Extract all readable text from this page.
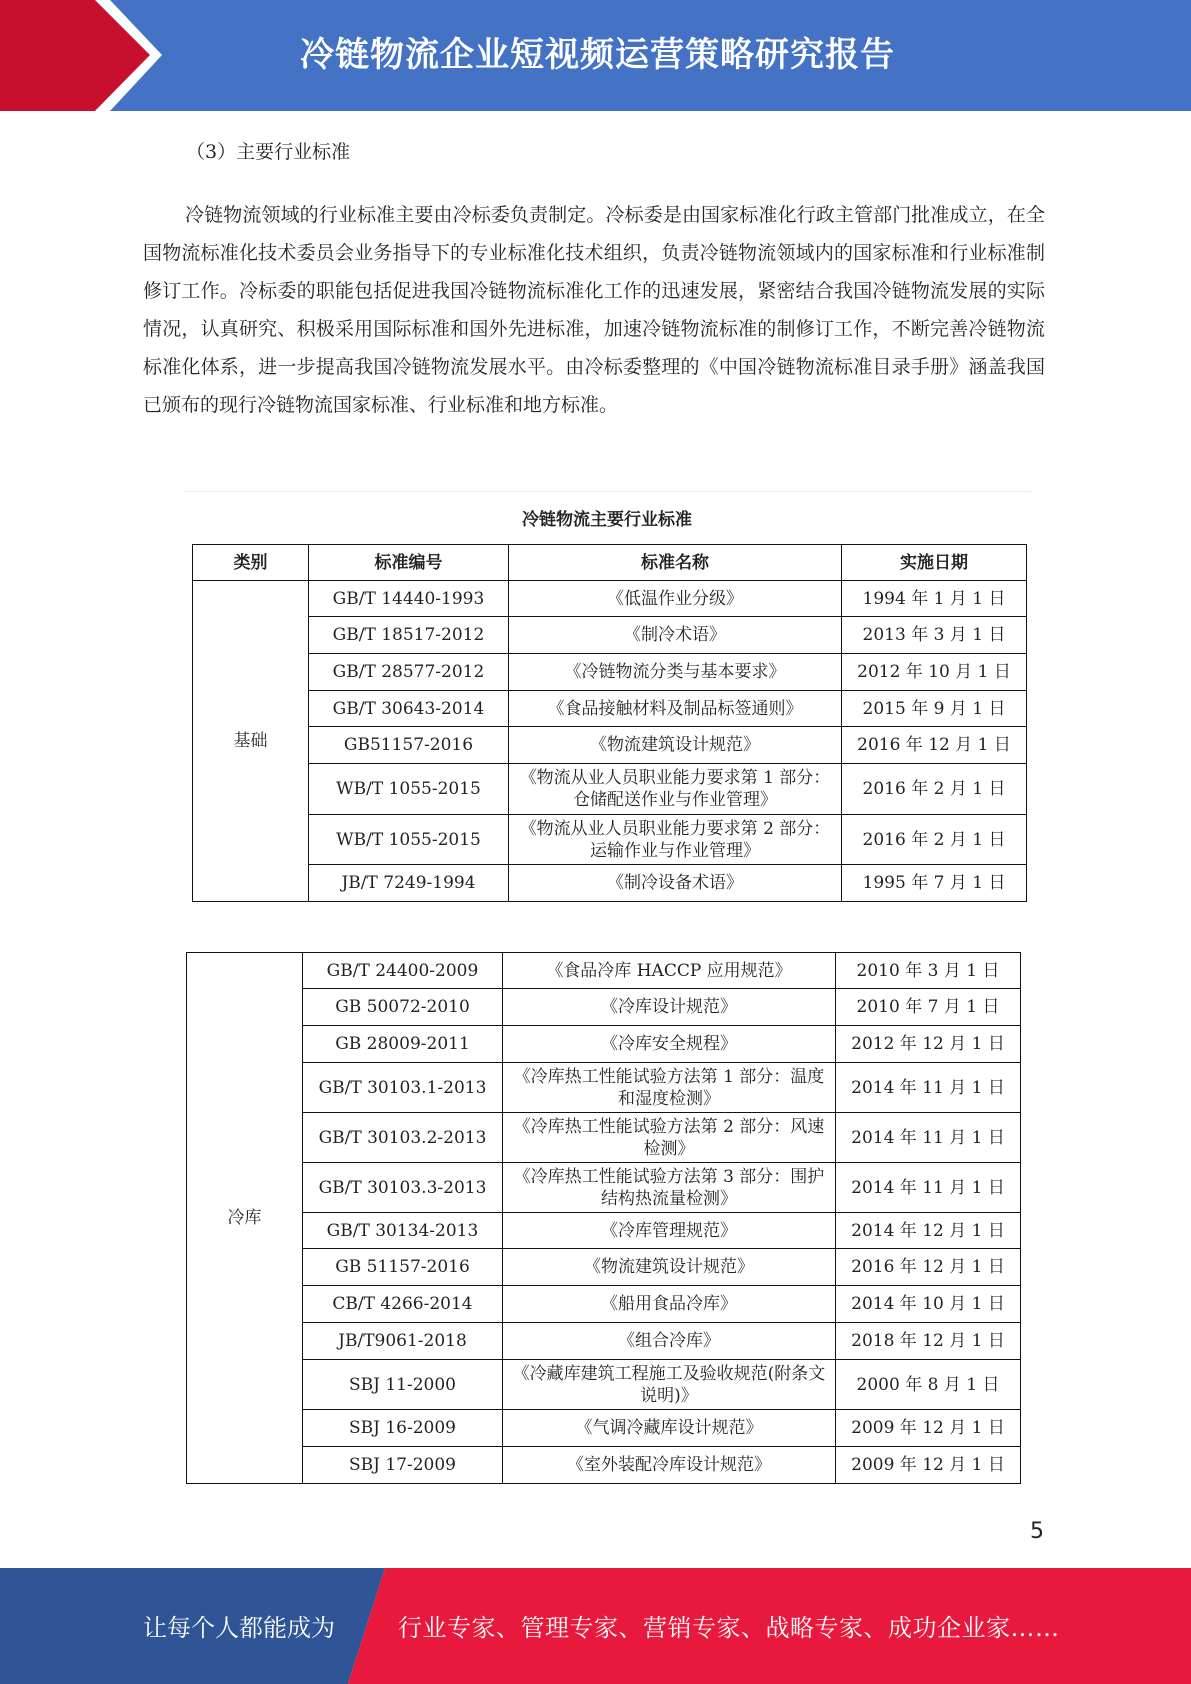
冷链物流企业短视频运营策略研究报告
（3）主要行业标准

冷链物流领域的行业标准主要由冷标委负责制定。冷标委是由国家标准化行政主管部门批准成立，在全国物流标准化技术委员会业务指导下的专业标准化技术组织，负责冷链物流领域内的国家标准和行业标准制修订工作。冷标委的职能包括促进我国冷链物流标准化工作的迅速发展，紧密结合我国冷链物流发展的实际情况，认真研究、积极采用国际标准和国外先进标准，加速冷链物流标准的制修订工作，不断完善冷链物流标准化体系，进一步提高我国冷链物流发展水平。由冷标委整理的《中国冷链物流标准目录手册》涵盖我国已颁布的现行冷链物流国家标准、行业标准和地方标准。

冷链物流主要行业标准
类别	标准编号	标准名称	实施日期
基础	GB/T 14440-1993	《低温作业分级》	1994 年 1 月 1 日
	GB/T 18517-2012	《制冷术语》	2013 年 3 月 1 日
	GB/T 28577-2012	《冷链物流分类与基本要求》	2012 年 10 月 1 日
	GB/T 30643-2014	《食品接触材料及制品标签通则》	2015 年 9 月 1 日
	GB51157-2016	《物流建筑设计规范》	2016 年 12 月 1 日
	WB/T 1055-2015	《物流从业人员职业能力要求第 1 部分：仓储配送作业与作业管理》	2016 年 2 月 1 日
	WB/T 1055-2015	《物流从业人员职业能力要求第 2 部分：运输作业与作业管理》	2016 年 2 月 1 日
	JB/T 7249-1994	《制冷设备术语》	1995 年 7 月 1 日
冷库	GB/T 24400-2009	《食品冷库 HACCP 应用规范》	2010 年 3 月 1 日
	GB 50072-2010	《冷库设计规范》	2010 年 7 月 1 日
	GB 28009-2011	《冷库安全规程》	2012 年 12 月 1 日
	GB/T 30103.1-2013	《冷库热工性能试验方法第 1 部分：温度和湿度检测》	2014 年 11 月 1 日
	GB/T 30103.2-2013	《冷库热工性能试验方法第 2 部分：风速检测》	2014 年 11 月 1 日
	GB/T 30103.3-2013	《冷库热工性能试验方法第 3 部分：围护结构热流量检测》	2014 年 11 月 1 日
	GB/T 30134-2013	《冷库管理规范》	2014 年 12 月 1 日
	GB 51157-2016	《物流建筑设计规范》	2016 年 12 月 1 日
	CB/T 4266-2014	《船用食品冷库》	2014 年 10 月 1 日
	JB/T9061-2018	《组合冷库》	2018 年 12 月 1 日
	SBJ 11-2000	《冷藏库建筑工程施工及验收规范(附条文说明)》	2000 年 8 月 1 日
	SBJ 16-2009	《气调冷藏库设计规范》	2009 年 12 月 1 日
	SBJ 17-2009	《室外装配冷库设计规范》	2009 年 12 月 1 日
5
让每个人都能成为	行业专家、管理专家、营销专家、战略专家、成功企业家……
